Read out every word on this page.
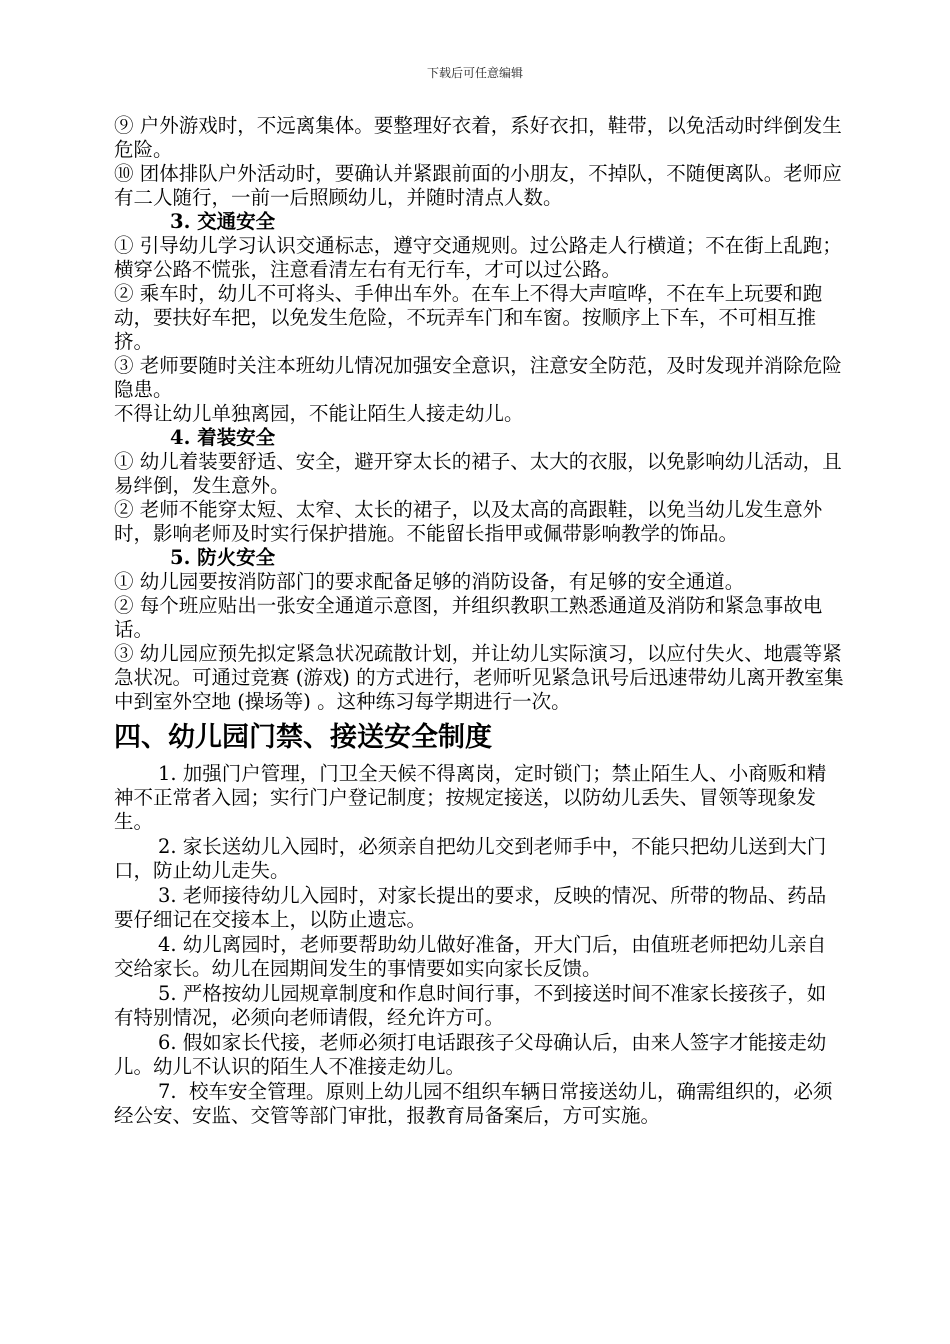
下载后可任意编辑

⑨ 户外游戏时，不远离集体。要整理好衣着，系好衣扣，鞋带，以免活动时绊倒发生危险。

⑩ 团体排队户外活动时，要确认并紧跟前面的小朋友，不掉队，不随便离队。老师应有二人随行，一前一后照顾幼儿，并随时清点人数。

3. 交通安全

① 引导幼儿学习认识交通标志，遵守交通规则。过公路走人行横道；不在街上乱跑；横穿公路不慌张，注意看清左右有无行车，才可以过公路。

② 乘车时，幼儿不可将头、手伸出车外。在车上不得大声喧哗，不在车上玩要和跑动，要扶好车把，以免发生危险，不玩弄车门和车窗。按顺序上下车，不可相互推挤。

③ 老师要随时关注本班幼儿情况加强安全意识，注意安全防范，及时发现并消除危险隐患。

不得让幼儿单独离园，不能让陌生人接走幼儿。

4. 着装安全

① 幼儿着装要舒适、安全，避开穿太长的裙子、太大的衣服，以免影响幼儿活动，且易绊倒，发生意外。

② 老师不能穿太短、太窄、太长的裙子，以及太高的高跟鞋，以免当幼儿发生意外时，影响老师及时实行保护措施。不能留长指甲或佩带影响教学的饰品。

5. 防火安全

① 幼儿园要按消防部门的要求配备足够的消防设备，有足够的安全通道。

② 每个班应贴出一张安全通道示意图，并组织教职工熟悉通道及消防和紧急事故电话。

③ 幼儿园应预先拟定紧急状况疏散计划，并让幼儿实际演习，以应付失火、地震等紧急状况。可通过竞赛 (游戏) 的方式进行，老师听见紧急讯号后迅速带幼儿离开教室集中到室外空地 (操场等) 。这种练习每学期进行一次。

四、幼儿园门禁、接送安全制度

1. 加强门户管理，门卫全天候不得离岗，定时锁门；禁止陌生人、小商贩和精神不正常者入园；实行门户登记制度；按规定接送，以防幼儿丢失、冒领等现象发生。

2. 家长送幼儿入园时，必须亲自把幼儿交到老师手中，不能只把幼儿送到大门口，防止幼儿走失。

3. 老师接待幼儿入园时，对家长提出的要求，反映的情况、所带的物品、药品要仔细记在交接本上，以防止遗忘。

4. 幼儿离园时，老师要帮助幼儿做好准备，开大门后，由值班老师把幼儿亲自交给家长。幼儿在园期间发生的事情要如实向家长反馈。

5. 严格按幼儿园规章制度和作息时间行事，不到接送时间不准家长接孩子，如有特别情况，必须向老师请假，经允许方可。

6. 假如家长代接，老师必须打电话跟孩子父母确认后，由来人签字才能接走幼儿。幼儿不认识的陌生人不准接走幼儿。

7.  校车安全管理。原则上幼儿园不组织车辆日常接送幼儿，确需组织的，必须经公安、安监、交管等部门审批，报教育局备案后，方可实施。
